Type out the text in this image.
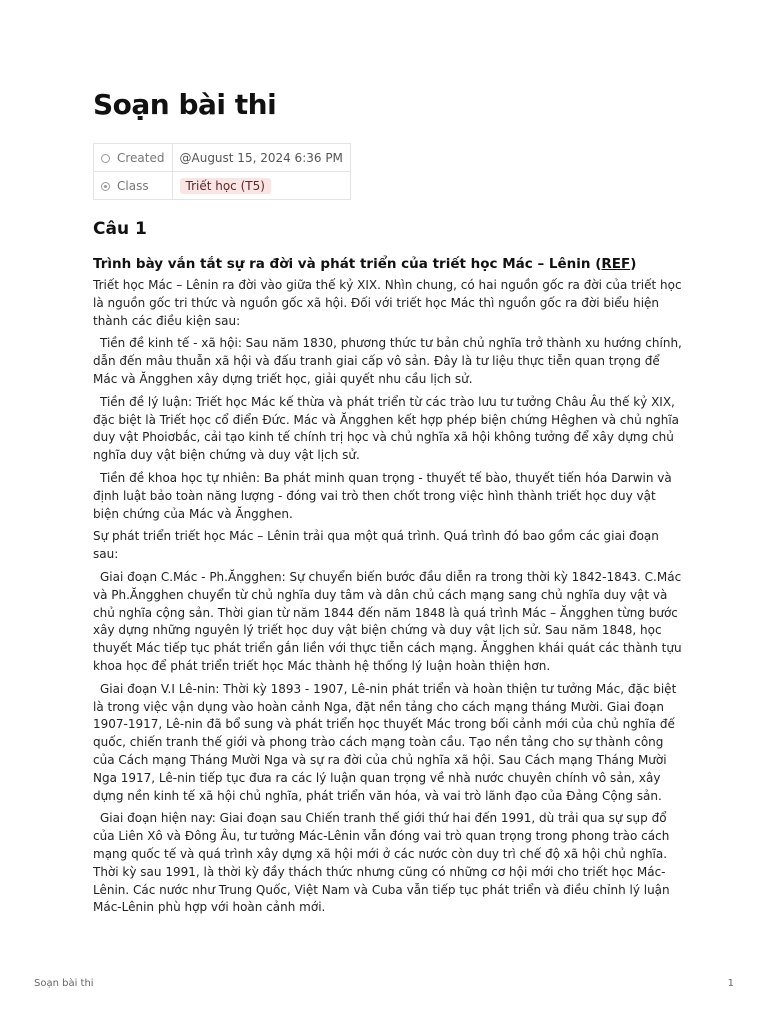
Soạn bài thi
Created	@August 15, 2024 6:36 PM
Class	Triết học (T5)
Câu 1
Trình bày vắn tắt sự ra đời và phát triển của triết học Mác – Lênin (REF)

Triết học Mác – Lênin ra đời vào giữa thế kỷ XIX. Nhìn chung, có hai nguồn gốc ra đời của triết học là nguồn gốc tri thức và nguồn gốc xã hội. Đối với triết học Mác thì nguồn gốc ra đời biểu hiện thành các điều kiện sau:

Tiền đề kinh tế - xã hội: Sau năm 1830, phương thức tư bản chủ nghĩa trở thành xu hướng chính, dẫn đến mâu thuẫn xã hội và đấu tranh giai cấp vô sản. Đây là tư liệu thực tiễn quan trọng để Mác và Ăngghen xây dựng triết học, giải quyết nhu cầu lịch sử.

Tiền đề lý luận: Triết học Mác kế thừa và phát triển từ các trào lưu tư tưởng Châu Âu thế kỷ XIX, đặc biệt là Triết học cổ điển Đức. Mác và Ăngghen kết hợp phép biện chứng Hêghen và chủ nghĩa duy vật Phoiơbắc, cải tạo kinh tế chính trị học và chủ nghĩa xã hội không tưởng để xây dựng chủ nghĩa duy vật biện chứng và duy vật lịch sử.

Tiền đề khoa học tự nhiên: Ba phát minh quan trọng - thuyết tế bào, thuyết tiến hóa Darwin và định luật bảo toàn năng lượng - đóng vai trò then chốt trong việc hình thành triết học duy vật biện chứng của Mác và Ăngghen.

Sự phát triển triết học Mác – Lênin trải qua một quá trình. Quá trình đó bao gồm các giai đoạn sau:

Giai đoạn C.Mác - Ph.Ăngghen: Sự chuyển biến bước đầu diễn ra trong thời kỳ 1842-1843. C.Mác và Ph.Ăngghen chuyển từ chủ nghĩa duy tâm và dân chủ cách mạng sang chủ nghĩa duy vật và chủ nghĩa cộng sản. Thời gian từ năm 1844 đến năm 1848 là quá trình Mác – Ăngghen từng bước xây dựng những nguyên lý triết học duy vật biện chứng và duy vật lịch sử. Sau năm 1848, học thuyết Mác tiếp tục phát triển gắn liền với thực tiễn cách mạng. Ăngghen khái quát các thành tựu khoa học để phát triển triết học Mác thành hệ thống lý luận hoàn thiện hơn.

Giai đoạn V.I Lê-nin: Thời kỳ 1893 - 1907, Lê-nin phát triển và hoàn thiện tư tưởng Mác, đặc biệt là trong việc vận dụng vào hoàn cảnh Nga, đặt nền tảng cho cách mạng tháng Mười. Giai đoạn 1907-1917, Lê-nin đã bổ sung và phát triển học thuyết Mác trong bối cảnh mới của chủ nghĩa đế quốc, chiến tranh thế giới và phong trào cách mạng toàn cầu. Tạo nền tảng cho sự thành công của Cách mạng Tháng Mười Nga và sự ra đời của chủ nghĩa xã hội. Sau Cách mạng Tháng Mười Nga 1917, Lê-nin tiếp tục đưa ra các lý luận quan trọng về nhà nước chuyên chính vô sản, xây dựng nền kinh tế xã hội chủ nghĩa, phát triển văn hóa, và vai trò lãnh đạo của Đảng Cộng sản.

Giai đoạn hiện nay: Giai đoạn sau Chiến tranh thế giới thứ hai đến 1991, dù trải qua sự sụp đổ của Liên Xô và Đông Âu, tư tưởng Mác-Lênin vẫn đóng vai trò quan trọng trong phong trào cách mạng quốc tế và quá trình xây dựng xã hội mới ở các nước còn duy trì chế độ xã hội chủ nghĩa. Thời kỳ sau 1991, là thời kỳ đầy thách thức nhưng cũng có những cơ hội mới cho triết học Mác-Lênin. Các nước như Trung Quốc, Việt Nam và Cuba vẫn tiếp tục phát triển và điều chỉnh lý luận Mác-Lênin phù hợp với hoàn cảnh mới.

Soạn bài thi	1
